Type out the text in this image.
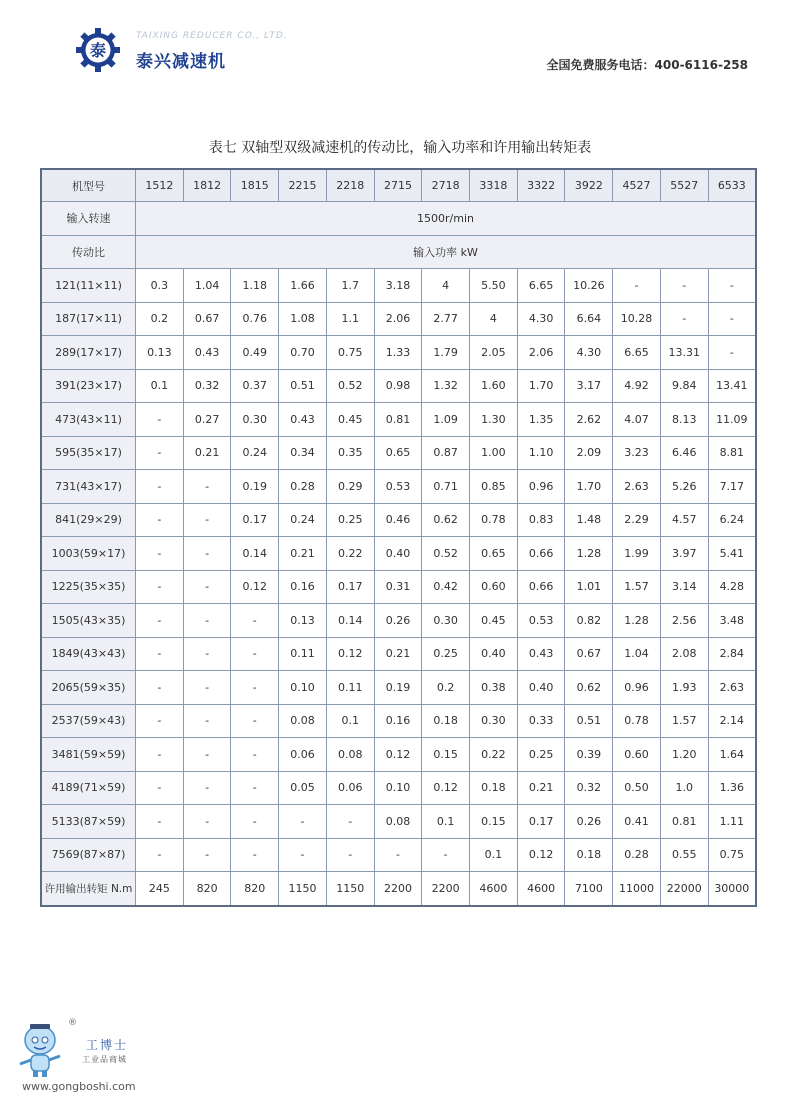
泰
TAIXING REDUCER CO., LTD.
泰兴减速机	全国免费服务电话：400-6116-258
表七 双轴型双级减速机的传动比，输入功率和许用输出转矩表
机型号	1512	1812	1815	2215	2218	2715	2718	3318	3322	3922	4527	5527	6533
输入转速	1500r/min												
传动比	输入功率 kW												
121(11×11)	0.3	1.04	1.18	1.66	1.7	3.18	4	5.50	6.65	10.26	-	-	-
187(17×11)	0.2	0.67	0.76	1.08	1.1	2.06	2.77	4	4.30	6.64	10.28	-	-
289(17×17)	0.13	0.43	0.49	0.70	0.75	1.33	1.79	2.05	2.06	4.30	6.65	13.31	-
391(23×17)	0.1	0.32	0.37	0.51	0.52	0.98	1.32	1.60	1.70	3.17	4.92	9.84	13.41
473(43×11)	-	0.27	0.30	0.43	0.45	0.81	1.09	1.30	1.35	2.62	4.07	8.13	11.09
595(35×17)	-	0.21	0.24	0.34	0.35	0.65	0.87	1.00	1.10	2.09	3.23	6.46	8.81
731(43×17)	-	-	0.19	0.28	0.29	0.53	0.71	0.85	0.96	1.70	2.63	5.26	7.17
841(29×29)	-	-	0.17	0.24	0.25	0.46	0.62	0.78	0.83	1.48	2.29	4.57	6.24
1003(59×17)	-	-	0.14	0.21	0.22	0.40	0.52	0.65	0.66	1.28	1.99	3.97	5.41
1225(35×35)	-	-	0.12	0.16	0.17	0.31	0.42	0.60	0.66	1.01	1.57	3.14	4.28
1505(43×35)	-	-	-	0.13	0.14	0.26	0.30	0.45	0.53	0.82	1.28	2.56	3.48
1849(43×43)	-	-	-	0.11	0.12	0.21	0.25	0.40	0.43	0.67	1.04	2.08	2.84
2065(59×35)	-	-	-	0.10	0.11	0.19	0.2	0.38	0.40	0.62	0.96	1.93	2.63
2537(59×43)	-	-	-	0.08	0.1	0.16	0.18	0.30	0.33	0.51	0.78	1.57	2.14
3481(59×59)	-	-	-	0.06	0.08	0.12	0.15	0.22	0.25	0.39	0.60	1.20	1.64
4189(71×59)	-	-	-	0.05	0.06	0.10	0.12	0.18	0.21	0.32	0.50	1.0	1.36
5133(87×59)	-	-	-	-	-	0.08	0.1	0.15	0.17	0.26	0.41	0.81	1.11
7569(87×87)	-	-	-	-	-	-	-	0.1	0.12	0.18	0.28	0.55	0.75
许用输出转矩 N.m	245	820	820	1150	1150	2200	2200	4600	4600	7100	11000	22000	30000
®
工博士
工业品商城
www.gongboshi.com
